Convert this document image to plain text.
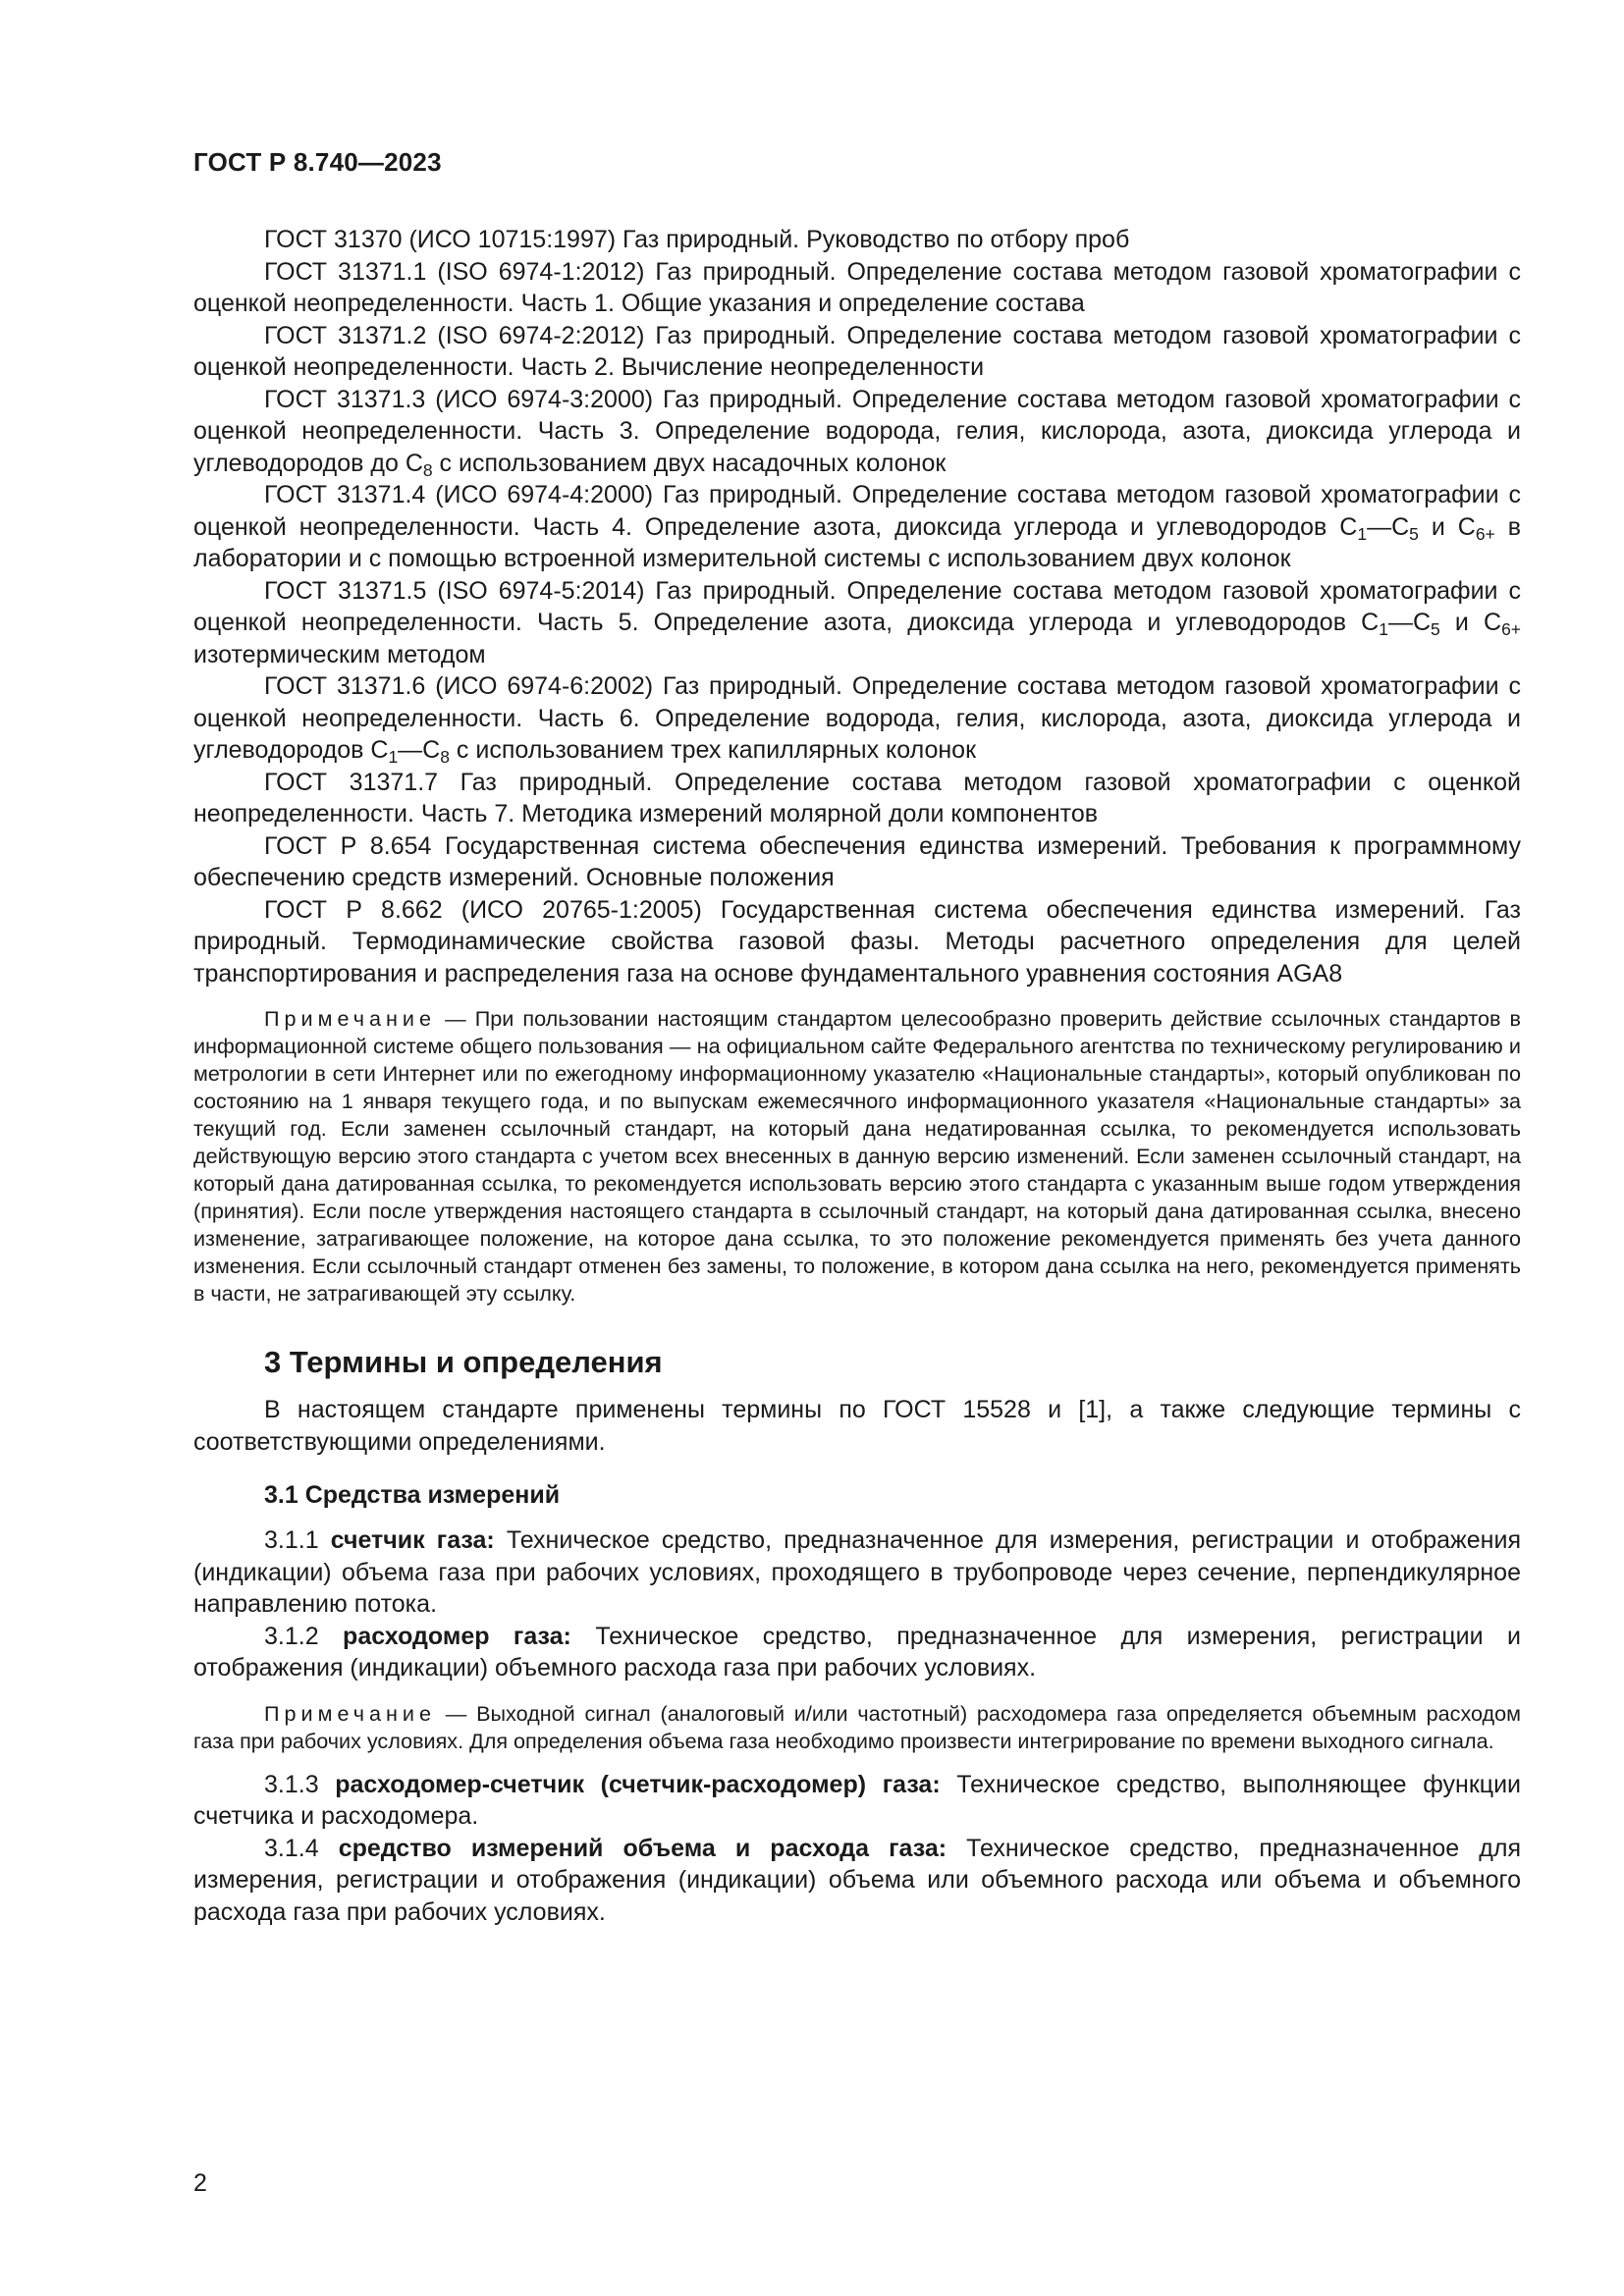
ГОСТ Р 8.740—2023

ГОСТ 31370 (ИСО 10715:1997) Газ природный. Руководство по отбору проб

ГОСТ 31371.1 (ISO 6974-1:2012) Газ природный. Определение состава методом газовой хроматографии с оценкой неопределенности. Часть 1. Общие указания и определение состава

ГОСТ 31371.2 (ISO 6974-2:2012) Газ природный. Определение состава методом газовой хроматографии с оценкой неопределенности. Часть 2. Вычисление неопределенности

ГОСТ 31371.3 (ИСО 6974-3:2000) Газ природный. Определение состава методом газовой хроматографии с оценкой неопределенности. Часть 3. Определение водорода, гелия, кислорода, азота, диоксида углерода и углеводородов до $С_8$ с использованием двух насадочных колонок

ГОСТ 31371.4 (ИСО 6974-4:2000) Газ природный. Определение состава методом газовой хроматографии с оценкой неопределенности. Часть 4. Определение азота, диоксида углерода и углеводородов $С_1—С_5$ и $С_{6+}$ в лаборатории и с помощью встроенной измерительной системы с использованием двух колонок

ГОСТ 31371.5 (ISO 6974-5:2014) Газ природный. Определение состава методом газовой хроматографии с оценкой неопределенности. Часть 5. Определение азота, диоксида углерода и углеводородов $С_1—С_5$ и $С_{6+}$ изотермическим методом

ГОСТ 31371.6 (ИСО 6974-6:2002) Газ природный. Определение состава методом газовой хроматографии с оценкой неопределенности. Часть 6. Определение водорода, гелия, кислорода, азота, диоксида углерода и углеводородов $С_1—С_8$ с использованием трех капиллярных колонок

ГОСТ 31371.7 Газ природный. Определение состава методом газовой хроматографии с оценкой неопределенности. Часть 7. Методика измерений молярной доли компонентов

ГОСТ Р 8.654 Государственная система обеспечения единства измерений. Требования к программному обеспечению средств измерений. Основные положения

ГОСТ Р 8.662 (ИСО 20765-1:2005) Государственная система обеспечения единства измерений. Газ природный. Термодинамические свойства газовой фазы. Методы расчетного определения для целей транспортирования и распределения газа на основе фундаментального уравнения состояния AGA8

Примечание — При пользовании настоящим стандартом целесообразно проверить действие ссылочных стандартов в информационной системе общего пользования — на официальном сайте Федерального агентства по техническому регулированию и метрологии в сети Интернет или по ежегодному информационному указателю «Национальные стандарты», который опубликован по состоянию на 1 января текущего года, и по выпускам ежемесячного информационного указателя «Национальные стандарты» за текущий год. Если заменен ссылочный стандарт, на который дана недатированная ссылка, то рекомендуется использовать действующую версию этого стандарта с учетом всех внесенных в данную версию изменений. Если заменен ссылочный стандарт, на который дана датированная ссылка, то рекомендуется использовать версию этого стандарта с указанным выше годом утверждения (принятия). Если после утверждения настоящего стандарта в ссылочный стандарт, на который дана датированная ссылка, внесено изменение, затрагивающее положение, на которое дана ссылка, то это положение рекомендуется применять без учета данного изменения. Если ссылочный стандарт отменен без замены, то положение, в котором дана ссылка на него, рекомендуется применять в части, не затрагивающей эту ссылку.

3 Термины и определения

В настоящем стандарте применены термины по ГОСТ 15528 и [1], а также следующие термины с соответствующими определениями.

3.1 Средства измерений

3.1.1 счетчик газа: Техническое средство, предназначенное для измерения, регистрации и отображения (индикации) объема газа при рабочих условиях, проходящего в трубопроводе через сечение, перпендикулярное направлению потока.

3.1.2 расходомер газа: Техническое средство, предназначенное для измерения, регистрации и отображения (индикации) объемного расхода газа при рабочих условиях.

Примечание — Выходной сигнал (аналоговый и/или частотный) расходомера газа определяется объемным расходом газа при рабочих условиях. Для определения объема газа необходимо произвести интегрирование по времени выходного сигнала.

3.1.3 расходомер-счетчик (счетчик-расходомер) газа: Техническое средство, выполняющее функции счетчика и расходомера.

3.1.4 средство измерений объема и расхода газа: Техническое средство, предназначенное для измерения, регистрации и отображения (индикации) объема или объемного расхода или объема и объемного расхода газа при рабочих условиях.

2
